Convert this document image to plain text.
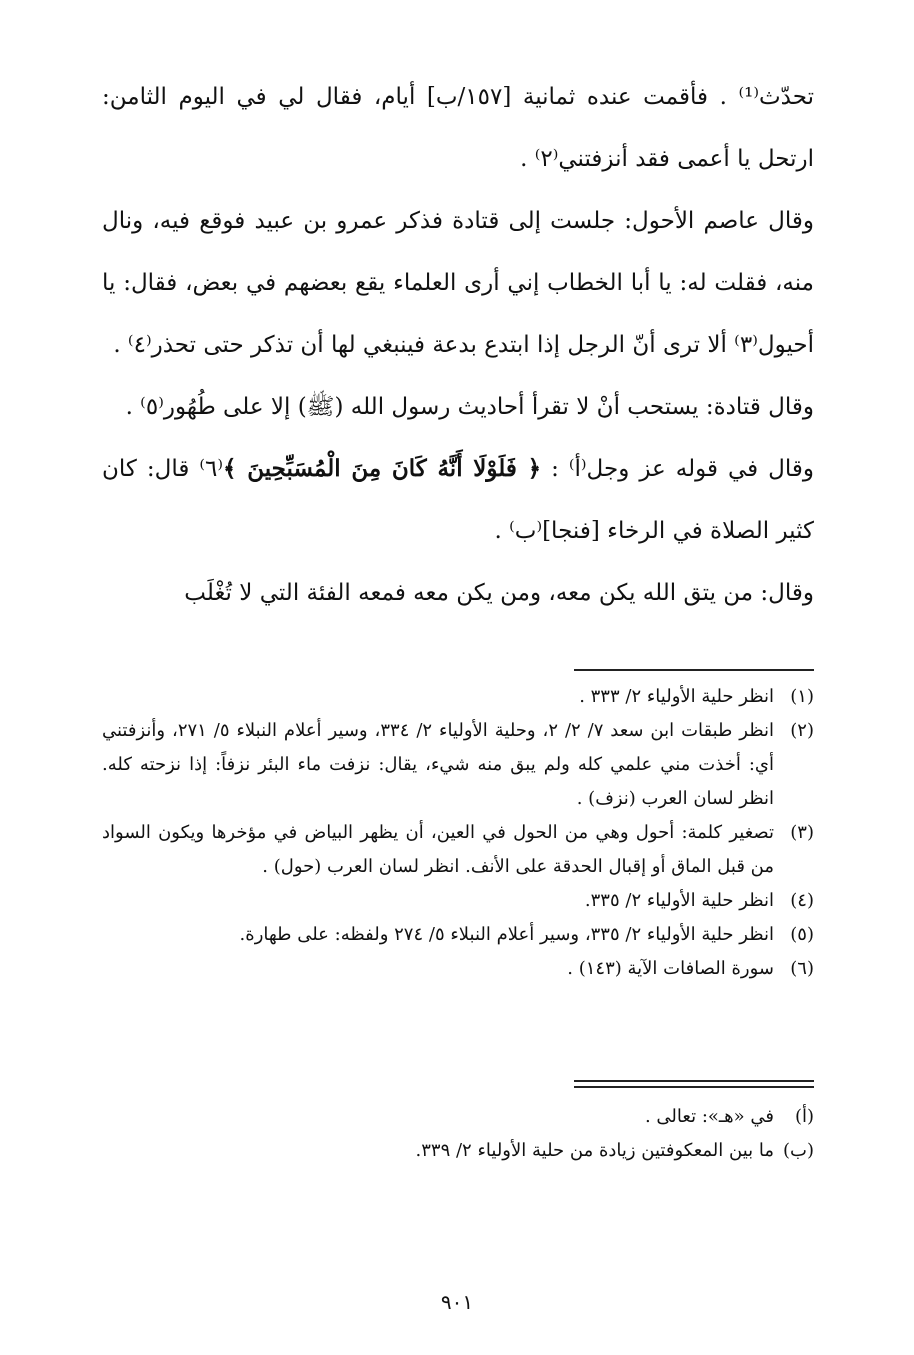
تحدّث⁽¹⁾ . فأقمت عنده ثمانية [١٥٧/ب] أيام، فقال لي في اليوم الثامن: ارتحل يا أعمى فقد أنزفتني⁽٢⁾ .

وقال عاصم الأحول: جلست إلى قتادة فذكر عمرو بن عبيد فوقع فيه، ونال منه، فقلت له: يا أبا الخطاب إني أرى العلماء يقع بعضهم في بعض، فقال: يا أحيول⁽٣⁾ ألا ترى أنّ الرجل إذا ابتدع بدعة فينبغي لها أن تذكر حتى تحذر⁽٤⁾ .

وقال قتادة: يستحب أنْ لا تقرأ أحاديث رسول الله (ﷺ) إلا على طُهُور⁽٥⁾ .

وقال في قوله عز وجل⁽أ⁾ : ﴿ فَلَوْلَا أَنَّهُ كَانَ مِنَ الْمُسَبِّحِينَ ﴾⁽٦⁾ قال: كان كثير الصلاة في الرخاء [فنجا]⁽ب⁾ .

وقال: من يتق الله يكن معه، ومن يكن معه فمعه الفئة التي لا تُغْلَب

(١)
انظر حلية الأولياء ٢/ ٣٣٣ .
(٢)
انظر طبقات ابن سعد ٧/ ٢/ ٢، وحلية الأولياء ٢/ ٣٣٤، وسير أعلام النبلاء ٥/ ٢٧١، وأنزفتني أي: أخذت مني علمي كله ولم يبق منه شيء، يقال: نزفت ماء البئر نزفاً: إذا نزحته كله. انظر لسان العرب (نزف) .
(٣)
تصغير كلمة: أحول وهي من الحول في العين، أن يظهر البياض في مؤخرها ويكون السواد من قبل الماق أو إقبال الحدقة على الأنف. انظر لسان العرب (حول) .
(٤)
انظر حلية الأولياء ٢/ ٣٣٥.
(٥)
انظر حلية الأولياء ٢/ ٣٣٥، وسير أعلام النبلاء ٥/ ٢٧٤ ولفظه: على طهارة.
(٦)
سورة الصافات الآية (١٤٣) .
(أ)
في «هـ»: تعالى .
(ب)
ما بين المعكوفتين زيادة من حلية الأولياء ٢/ ٣٣٩.
٩٠١
